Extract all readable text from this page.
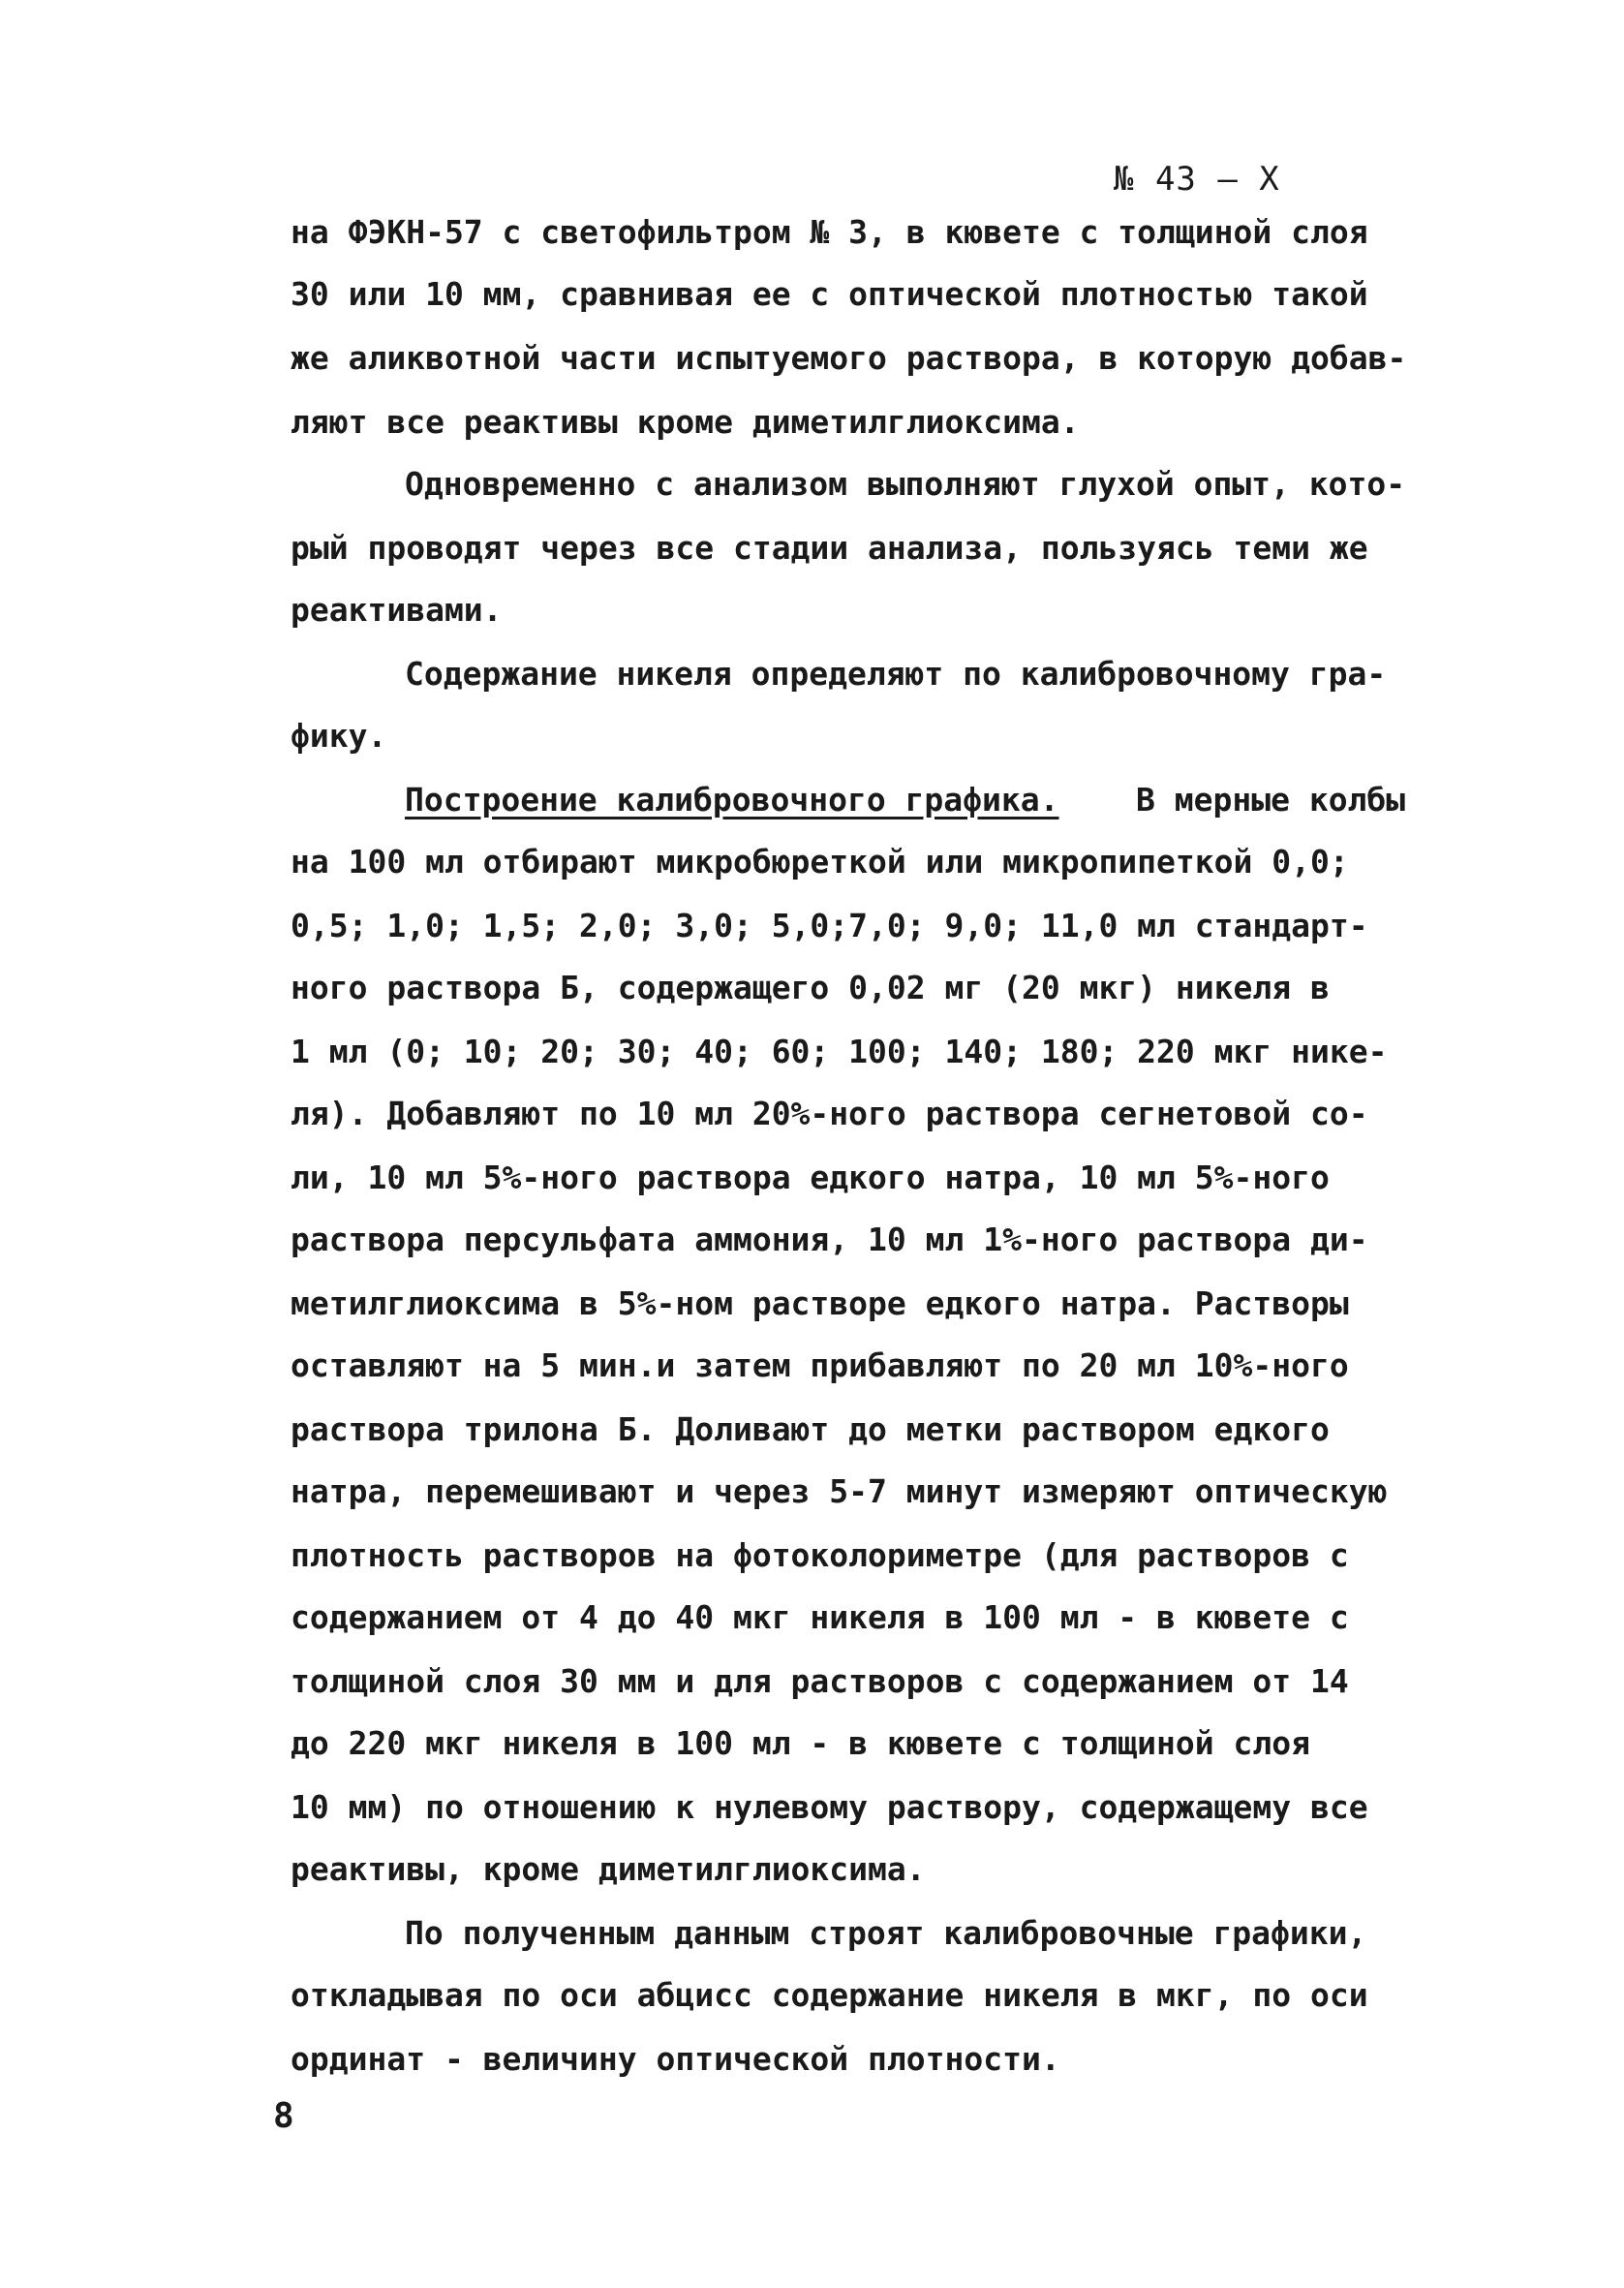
№ 43 – Х
на ФЭКН-57 с светофильтром № 3, в кювете с толщиной слоя
30 или 10 мм, сравнивая ее с оптической плотностью такой
же аликвотной части испытуемого раствора, в которую добав-
ляют все реактивы кроме диметилглиоксима.
Одновременно с анализом выполняют глухой опыт, кото-
рый проводят через все стадии анализа, пользуясь теми же
реактивами.
Содержание никеля определяют по калибровочному гра-
фику.
Построение калибровочного графика. В мерные колбы
на 100 мл отбирают микробюреткой или микропипеткой 0,0;
0,5; 1,0; 1,5; 2,0; 3,0; 5,0;7,0; 9,0; 11,0 мл стандарт-
ного раствора Б, содержащего 0,02 мг (20 мкг) никеля в
1 мл (0; 10; 20; 30; 40; 60; 100; 140; 180; 220 мкг нике-
ля). Добавляют по 10 мл 20%-ного раствора сегнетовой со-
ли, 10 мл 5%-ного раствора едкого натра, 10 мл 5%-ного
раствора персульфата аммония, 10 мл 1%-ного раствора ди-
метилглиоксима в 5%-ном растворе едкого натра. Растворы
оставляют на 5 мин.и затем прибавляют по 20 мл 10%-ного
раствора трилона Б. Доливают до метки раствором едкого
натра, перемешивают и через 5-7 минут измеряют оптическую
плотность растворов на фотоколориметре (для растворов с
содержанием от 4 до 40 мкг никеля в 100 мл - в кювете с
толщиной слоя 30 мм и для растворов с содержанием от 14
до 220 мкг никеля в 100 мл - в кювете с толщиной слоя
10 мм) по отношению к нулевому раствору, содержащему все
реактивы, кроме диметилглиоксима.
По полученным данным строят калибровочные графики,
откладывая по оси абцисс содержание никеля в мкг, по оси
ординат - величину оптической плотности.
8
